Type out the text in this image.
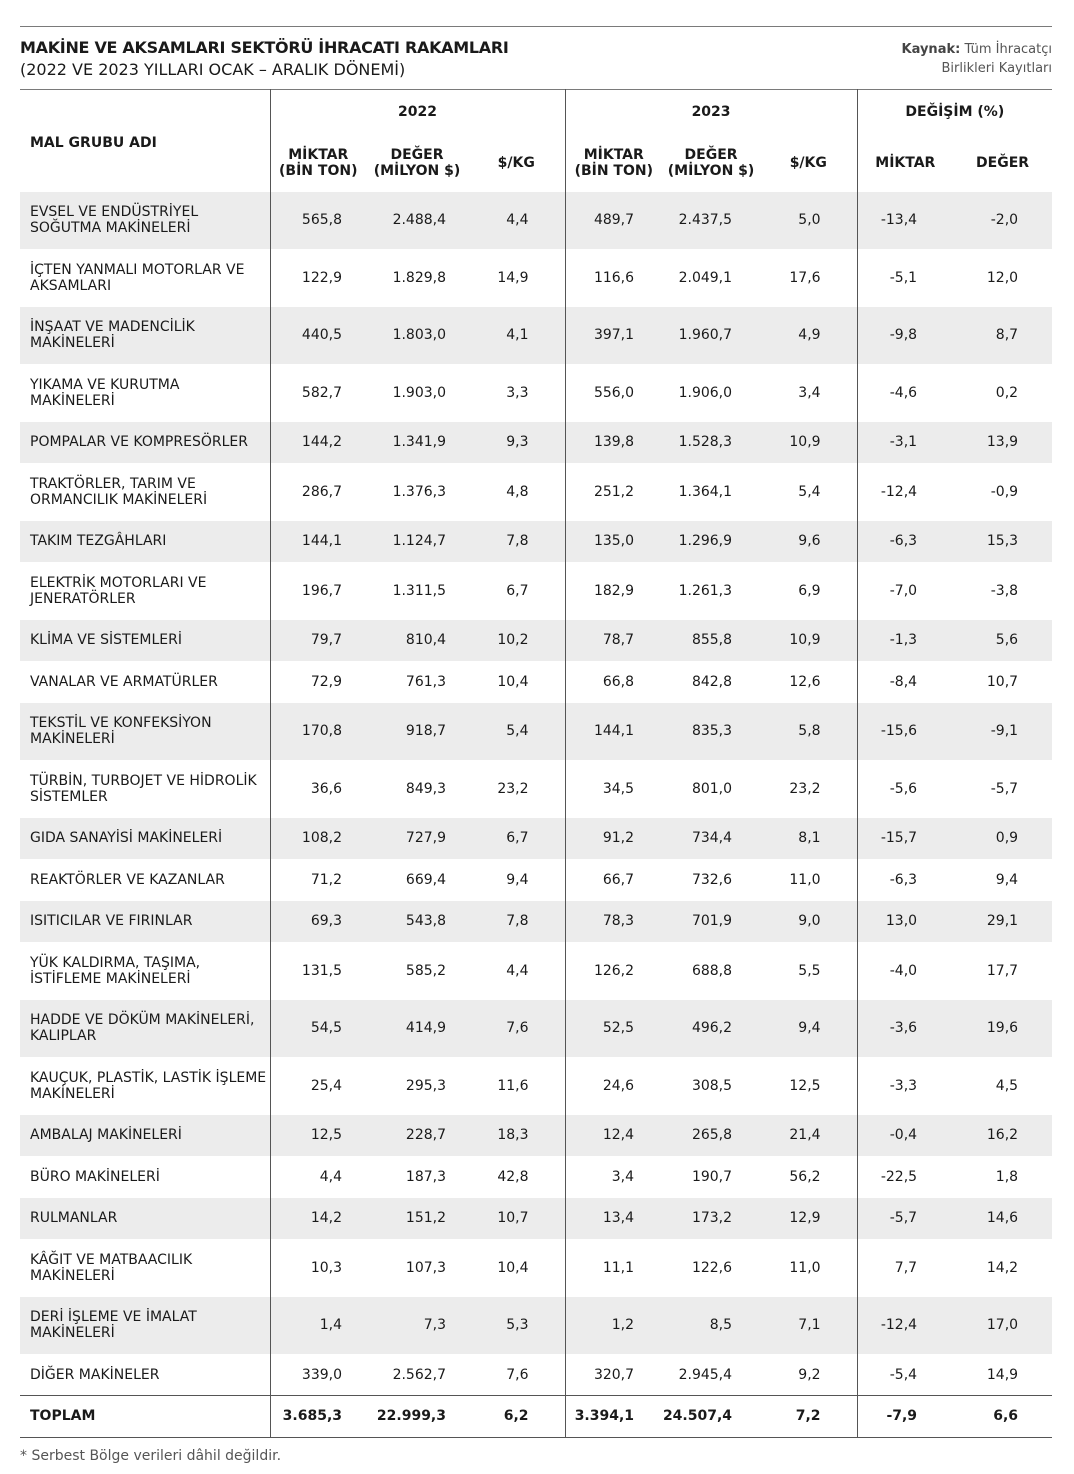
MAKİNE VE AKSAMLARI SEKTÖRÜ İHRACATI RAKAMLARI
(2022 VE 2023 YILLARI OCAK – ARALIK DÖNEMİ)
Kaynak: Tüm İhracatçı
Birlikleri Kayıtları
MAL GRUBU ADI	2022			2023			DEĞİŞİM (%)	
	MİKTAR
(BİN TON)	DEĞER
(MİLYON $)	$/KG	MİKTAR
(BİN TON)	DEĞER
(MİLYON $)	$/KG	MİKTAR	DEĞER
EVSEL VE ENDÜSTRİYEL
SOĞUTMA MAKİNELERİ	565,8	2.488,4	4,4	489,7	2.437,5	5,0	-13,4	-2,0
İÇTEN YANMALI MOTORLAR VE
AKSAMLARI	122,9	1.829,8	14,9	116,6	2.049,1	17,6	-5,1	12,0
İNŞAAT VE MADENCİLİK
MAKİNELERİ	440,5	1.803,0	4,1	397,1	1.960,7	4,9	-9,8	8,7
YIKAMA VE KURUTMA
MAKİNELERİ	582,7	1.903,0	3,3	556,0	1.906,0	3,4	-4,6	0,2
POMPALAR VE KOMPRESÖRLER	144,2	1.341,9	9,3	139,8	1.528,3	10,9	-3,1	13,9
TRAKTÖRLER, TARIM VE
ORMANCILIK MAKİNELERİ	286,7	1.376,3	4,8	251,2	1.364,1	5,4	-12,4	-0,9
TAKIM TEZGÂHLARI	144,1	1.124,7	7,8	135,0	1.296,9	9,6	-6,3	15,3
ELEKTRİK MOTORLARI VE
JENERATÖRLER	196,7	1.311,5	6,7	182,9	1.261,3	6,9	-7,0	-3,8
KLİMA VE SİSTEMLERİ	79,7	810,4	10,2	78,7	855,8	10,9	-1,3	5,6
VANALAR VE ARMATÜRLER	72,9	761,3	10,4	66,8	842,8	12,6	-8,4	10,7
TEKSTİL VE KONFEKSİYON
MAKİNELERİ	170,8	918,7	5,4	144,1	835,3	5,8	-15,6	-9,1
TÜRBİN, TURBOJET VE HİDROLİK
SİSTEMLER	36,6	849,3	23,2	34,5	801,0	23,2	-5,6	-5,7
GIDA SANAYİSİ MAKİNELERİ	108,2	727,9	6,7	91,2	734,4	8,1	-15,7	0,9
REAKTÖRLER VE KAZANLAR	71,2	669,4	9,4	66,7	732,6	11,0	-6,3	9,4
ISITICILAR VE FIRINLAR	69,3	543,8	7,8	78,3	701,9	9,0	13,0	29,1
YÜK KALDIRMA, TAŞIMA,
İSTİFLEME MAKİNELERİ	131,5	585,2	4,4	126,2	688,8	5,5	-4,0	17,7
HADDE VE DÖKÜM MAKİNELERİ,
KALIPLAR	54,5	414,9	7,6	52,5	496,2	9,4	-3,6	19,6
KAUÇUK, PLASTİK, LASTİK İŞLEME
MAKİNELERİ	25,4	295,3	11,6	24,6	308,5	12,5	-3,3	4,5
AMBALAJ MAKİNELERİ	12,5	228,7	18,3	12,4	265,8	21,4	-0,4	16,2
BÜRO MAKİNELERİ	4,4	187,3	42,8	3,4	190,7	56,2	-22,5	1,8
RULMANLAR	14,2	151,2	10,7	13,4	173,2	12,9	-5,7	14,6
KÂĞIT VE MATBAACILIK
MAKİNELERİ	10,3	107,3	10,4	11,1	122,6	11,0	7,7	14,2
DERİ İŞLEME VE İMALAT
MAKİNELERİ	1,4	7,3	5,3	1,2	8,5	7,1	-12,4	17,0
DİĞER MAKİNELER	339,0	2.562,7	7,6	320,7	2.945,4	9,2	-5,4	14,9
TOPLAM	3.685,3	22.999,3	6,2	3.394,1	24.507,4	7,2	-7,9	6,6
* Serbest Bölge verileri dâhil değildir.
